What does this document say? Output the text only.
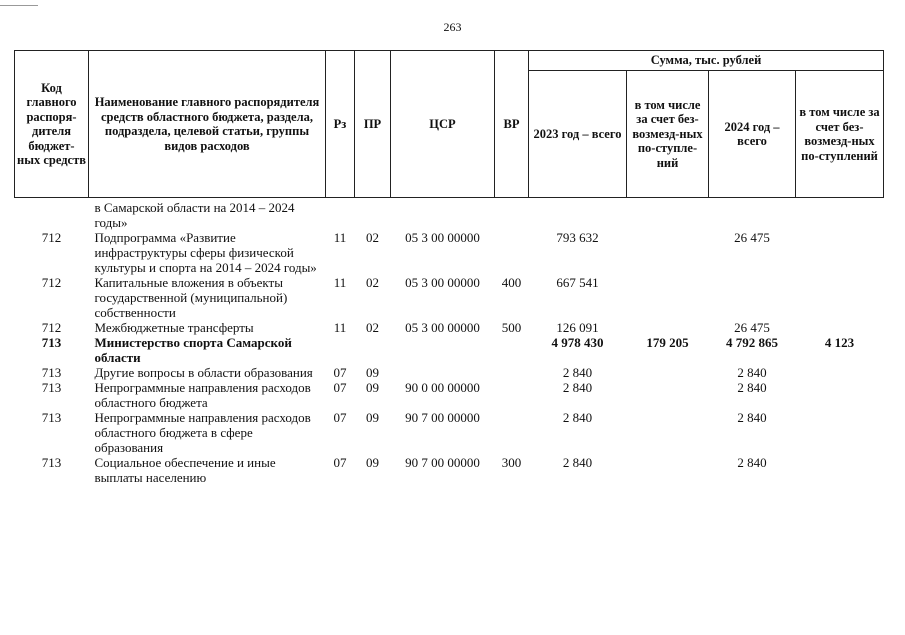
263
Код главного распоря-дителя бюджет-ных средств	Наименование главного распорядителя средств областного бюджета, раздела, подраздела, целевой статьи, группы видов расходов	Рз	ПР	ЦСР	ВР	Сумма, тыс. рублей			
						2023 год – всего	в том числе за счет без-возмезд-ных по-ступле-ний	2024 год – всего	в том числе за счет без-возмезд-ных по-ступлений
	в Самарской области на 2014 – 2024 годы»								
712	Подпрограмма «Развитие инфраструктуры сферы физической культуры и спорта на 2014 – 2024 годы»	11	02	05 3 00 00000		793 632		26 475	
712	Капитальные вложения в объекты государственной (муниципальной) собственности	11	02	05 3 00 00000	400	667 541			
712	Межбюджетные трансферты	11	02	05 3 00 00000	500	126 091		26 475	
713	Министерство спорта Самарской области					4 978 430	179 205	4 792 865	4 123
713	Другие вопросы в области образования	07	09			2 840		2 840	
713	Непрограммные направления расходов областного бюджета	07	09	90 0 00 00000		2 840		2 840	
713	Непрограммные направления расходов областного бюджета в сфере образования	07	09	90 7 00 00000		2 840		2 840	
713	Социальное обеспечение и иные выплаты населению	07	09	90 7 00 00000	300	2 840		2 840	
